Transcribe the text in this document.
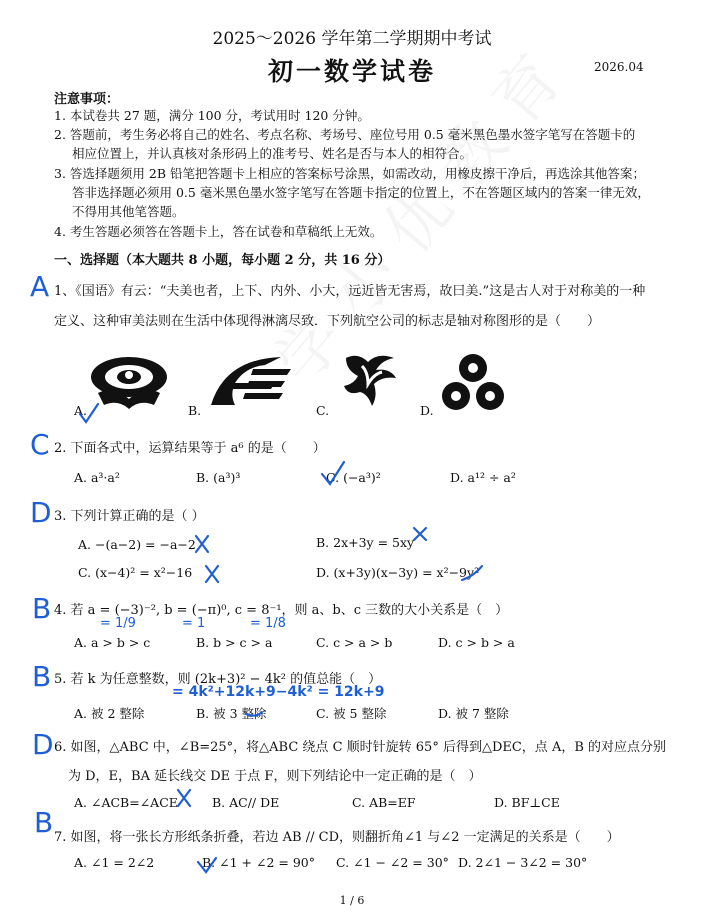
2025～2026 学年第二学期期中考试
初一数学试卷	2026.04
注意事项：
1. 本试卷共 27 题，满分 100 分，考试用时 120 分钟。
2. 答题前，考生务必将自己的姓名、考点名称、考场号、座位号用 0.5 毫米黑色墨水签字笔写在答题卡的
相应位置上，并认真核对条形码上的准考号、姓名是否与本人的相符合。
3. 答选择题须用 2B 铅笔把答题卡上相应的答案标号涂黑，如需改动，用橡皮擦干净后，再选涂其他答案；
答非选择题必须用 0.5 毫米黑色墨水签字笔写在答题卡指定的位置上，不在答题区域内的答案一律无效，
不得用其他笔答题。
4. 考生答题必须答在答题卡上，答在试卷和草稿纸上无效。
一、选择题（本大题共 8 小题，每小题 2 分，共 16 分）
1、《国语》有云：“夫美也者，上下、内外、小大，远近皆无害焉，故曰美.”这是古人对于对称美的一种
定义、这种审美法则在生活中体现得淋漓尽致．下列航空公司的标志是轴对称图形的是（　　）
A.	B.	C.	D.
2. 下面各式中，运算结果等于 a⁶ 的是（　　）
A. a³·a²	B. (a³)³	C. (−a³)²	D. a¹² ÷ a²
3. 下列计算正确的是（ ）
A. −(a−2) = −a−2	B. 2x+3y = 5xy
C. (x−4)² = x²−16	D. (x+3y)(x−3y) = x²−9y²
4. 若 a = (−3)⁻², b = (−π)⁰, c = 8⁻¹，则 a、b、c 三数的大小关系是（　）
A. a > b > c	B. b > c > a	C. c > a > b	D. c > b > a
5. 若 k 为任意整数，则 (2k+3)² − 4k² 的值总能（　）
A. 被 2 整除	B. 被 3 整除	C. 被 5 整除	D. 被 7 整除
6. 如图，△ABC 中，∠B=25°，将△ABC 绕点 C 顺时针旋转 65° 后得到△DEC，点 A，B 的对应点分别
为 D，E，BA 延长线交 DE 于点 F，则下列结论中一定正确的是（　）
A. ∠ACB=∠ACE	B. AC// DE	C. AB=EF	D. BF⊥CE
7. 如图，将一张长方形纸条折叠，若边 AB // CD，则翻折角∠1 与∠2 一定满足的关系是（　　）
A. ∠1 = 2∠2	B. ∠1 + ∠2 = 90° C. ∠1 − ∠2 = 30° D. 2∠1 − 3∠2 = 30°
A
C
D
B
B
D
B
= 1/9	= 1	= 1/8
= 4k²+12k+9−4k² = 12k+9
1 / 6
